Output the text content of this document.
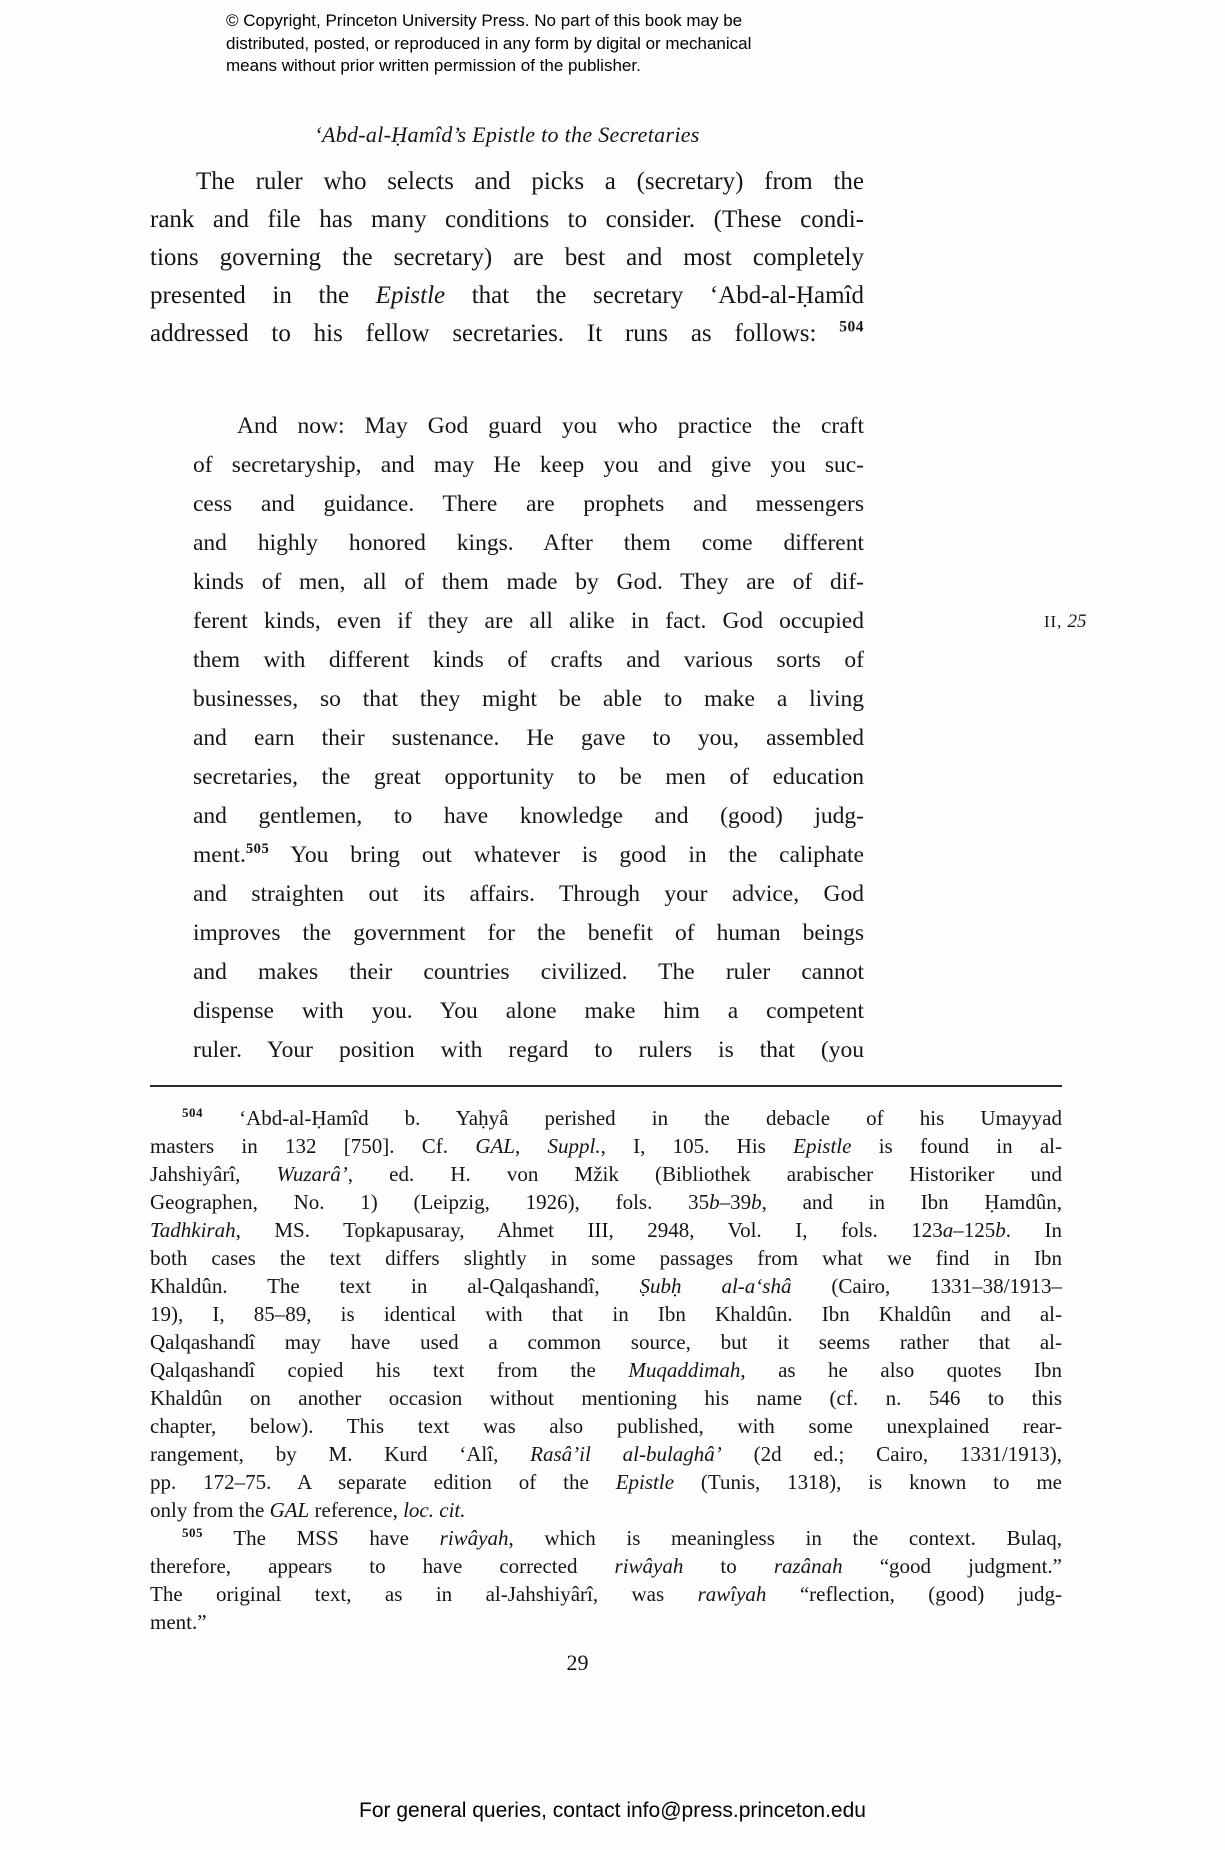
© Copyright, Princeton University Press. No part of this book may be
distributed, posted, or reproduced in any form by digital or mechanical
means without prior written permission of the publisher.
‘Abd-al-Ḥamîd’s Epistle to the Secretaries
The ruler who selects and picks a (secretary) from the
rank and file has many conditions to consider. (These condi-
tions governing the secretary) are best and most completely
presented in the Epistle that the secretary ‘Abd-al-Ḥamîd
addressed to his fellow secretaries. It runs as follows: $^{504}$
And now: May God guard you who practice the craft
of secretaryship, and may He keep you and give you suc-
cess and guidance. There are prophets and messengers
and highly honored kings. After them come different
kinds of men, all of them made by God. They are of dif-
ferent kinds, even if they are all alike in fact. God occupied
them with different kinds of crafts and various sorts of
businesses, so that they might be able to make a living
and earn their sustenance. He gave to you, assembled
secretaries, the great opportunity to be men of education
and gentlemen, to have knowledge and (good) judg-
ment.$^{505}$ You bring out whatever is good in the caliphate
and straighten out its affairs. Through your advice, God
improves the government for the benefit of human beings
and makes their countries civilized. The ruler cannot
dispense with you. You alone make him a competent
ruler. Your position with regard to rulers is that (you
II, 25
$^{504}$ ‘Abd-al-Ḥamîd b. Yaḥyâ perished in the debacle of his Umayyad
masters in 132 [750]. Cf. GAL, Suppl., I, 105. His Epistle is found in al-
Jahshiyârî, Wuzarâ’, ed. H. von Mžik (Bibliothek arabischer Historiker und
Geographen, No. 1) (Leipzig, 1926), fols. 35b–39b, and in Ibn Ḥamdûn,
Tadhkirah, MS. Topkapusaray, Ahmet III, 2948, Vol. I, fols. 123a–125b. In
both cases the text differs slightly in some passages from what we find in Ibn
Khaldûn. The text in al-Qalqashandî, Ṣubḥ al-a‘shâ (Cairo, 1331–38/1913–
19), I, 85–89, is identical with that in Ibn Khaldûn. Ibn Khaldûn and al-
Qalqashandî may have used a common source, but it seems rather that al-
Qalqashandî copied his text from the Muqaddimah, as he also quotes Ibn
Khaldûn on another occasion without mentioning his name (cf. n. 546 to this
chapter, below). This text was also published, with some unexplained rear-
rangement, by M. Kurd ‘Alî, Rasâ’il al-bulaghâ’ (2d ed.; Cairo, 1331/1913),
pp. 172–75. A separate edition of the Epistle (Tunis, 1318), is known to me
only from the GAL reference, loc. cit.
$^{505}$ The MSS have riwâyah, which is meaningless in the context. Bulaq,
therefore, appears to have corrected riwâyah to razânah “good judgment.”
The original text, as in al-Jahshiyârî, was rawîyah “reflection, (good) judg-
ment.”
29
For general queries, contact info@press.princeton.edu
